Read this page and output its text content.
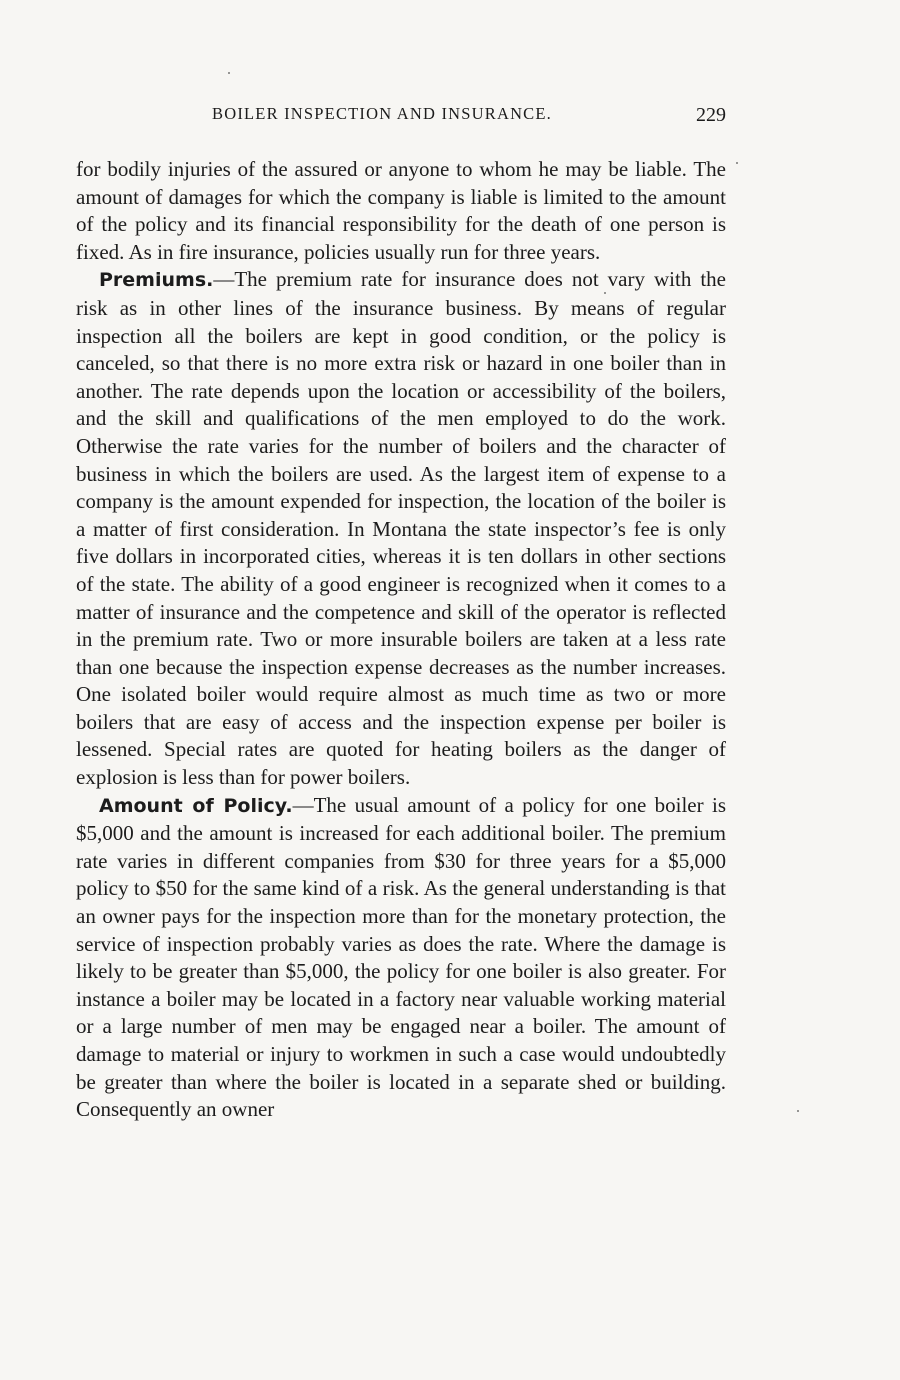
BOILER INSPECTION AND INSURANCE.	229

for bodily injuries of the assured or anyone to whom he may be liable. The amount of damages for which the company is liable is limited to the amount of the policy and its financial responsibility for the death of one person is fixed. As in fire insurance, policies usually run for three years.

Premiums.—The premium rate for insurance does not vary with the risk as in other lines of the insurance business. By means of regular inspection all the boilers are kept in good condition, or the policy is canceled, so that there is no more extra risk or hazard in one boiler than in another. The rate depends upon the location or accessibility of the boilers, and the skill and qualifications of the men employed to do the work. Otherwise the rate varies for the number of boilers and the character of business in which the boilers are used. As the largest item of expense to a company is the amount expended for inspection, the location of the boiler is a matter of first consideration. In Montana the state inspector’s fee is only five dollars in incorporated cities, whereas it is ten dollars in other sections of the state. The ability of a good engineer is recognized when it comes to a matter of insurance and the competence and skill of the operator is reflected in the premium rate. Two or more insurable boilers are taken at a less rate than one because the inspection expense decreases as the number increases. One isolated boiler would require almost as much time as two or more boilers that are easy of access and the inspection expense per boiler is lessened. Special rates are quoted for heating boilers as the danger of explosion is less than for power boilers.

Amount of Policy.—The usual amount of a policy for one boiler is $5,000 and the amount is increased for each additional boiler. The premium rate varies in different companies from $30 for three years for a $5,000 policy to $50 for the same kind of a risk. As the general understanding is that an owner pays for the inspection more than for the monetary protection, the service of inspection probably varies as does the rate. Where the damage is likely to be greater than $5,000, the policy for one boiler is also greater. For instance a boiler may be located in a factory near valuable working material or a large number of men may be engaged near a boiler. The amount of damage to material or injury to workmen in such a case would undoubtedly be greater than where the boiler is located in a separate shed or building. Consequently an owner
